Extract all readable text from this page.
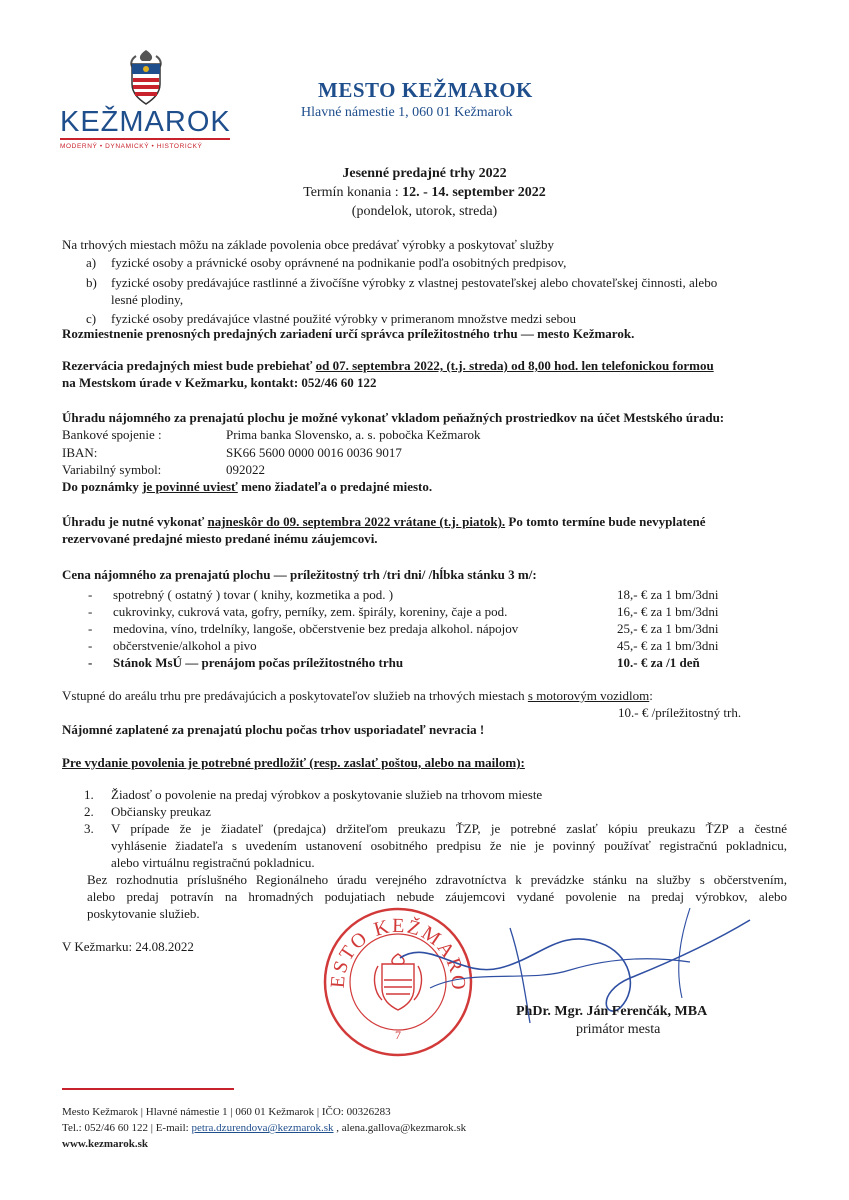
KEŽMAROK
MODERNÝ • DYNAMICKÝ • HISTORICKÝ
MESTO KEŽMAROK
Hlavné námestie 1, 060 01 Kežmarok
Jesenné predajné trhy 2022
Termín konania : 12. - 14. september 2022
(pondelok, utorok, streda)
Na trhových miestach môžu na základe povolenia obce predávať výrobky a poskytovať služby
a) fyzické osoby a právnické osoby oprávnené na podnikanie podľa osobitných predpisov,
b) fyzické osoby predávajúce rastlinné a živočíšne výrobky z vlastnej pestovateľskej alebo chovateľskej činnosti, alebo
lesné plodiny,
c) fyzické osoby predávajúce vlastné použité výrobky v primeranom množstve medzi sebou
Rozmiestnenie prenosných predajných zariadení určí správca príležitostného trhu — mesto Kežmarok.
Rezervácia predajných miest bude prebiehať od 07. septembra 2022, (t.j. streda) od 8,00 hod. len telefonickou formou
na Mestskom úrade v Kežmarku, kontakt: 052/46 60 122
Úhradu nájomného za prenajatú plochu je možné vykonať vkladom peňažných prostriedkov na účet Mestského úradu:
Bankové spojenie :	Prima banka Slovensko, a. s. pobočka Kežmarok
IBAN:	SK66 5600 0000 0016 0036 9017
Variabilný symbol:	092022
Do poznámky je povinné uviesť meno žiadateľa o predajné miesto.
Úhradu je nutné vykonať najneskôr do 09. septembra 2022 vrátane (t.j. piatok). Po tomto termíne bude nevyplatené
rezervované predajné miesto predané inému záujemcovi.
Cena nájomného za prenajatú plochu — príležitostný trh /tri dni/ /hĺbka stánku 3 m/:
- spotrebný ( ostatný ) tovar ( knihy, kozmetika a pod. )	18,- € za 1 bm/3dni
- cukrovinky, cukrová vata, gofry, perníky, zem. špirály, koreniny, čaje a pod.	16,- € za 1 bm/3dni
- medovina, víno, trdelníky, langoše, občerstvenie bez predaja alkohol. nápojov	25,- € za 1 bm/3dni
- občerstvenie/alkohol a pivo	45,- € za 1 bm/3dni
- Stánok MsÚ — prenájom počas príležitostného trhu	10.- € za /1 deň
Vstupné do areálu trhu pre predávajúcich a poskytovateľov služieb na trhových miestach s motorovým vozidlom:
10.- € /príležitostný trh.
Nájomné zaplatené za prenajatú plochu počas trhov usporiadateľ nevracia !
Pre vydanie povolenia je potrebné predložiť (resp. zaslať poštou, alebo na mailom):
1. Žiadosť o povolenie na predaj výrobkov a poskytovanie služieb na trhovom mieste
2. Občiansky preukaz
3. V prípade že je žiadateľ (predajca) držiteľom preukazu ŤZP, je potrebné zaslať kópiu preukazu ŤZP a čestné
vyhlásenie žiadateľa s uvedením ustanovení osobitného predpisu že nie je povinný používať registračnú pokladnicu,
alebo virtuálnu registračnú pokladnicu.
Bez rozhodnutia príslušného Regionálneho úradu verejného zdravotníctva k prevádzke stánku na služby s občerstvením,
alebo predaj potravín na hromadných podujatiach nebude záujemcovi vydané povolenie na predaj výrobkov, alebo
poskytovanie služieb.
V Kežmarku: 24.08.2022
ESTO KEŽMARO
7
PhDr. Mgr. Ján Ferenčák, MBA
primátor mesta
Mesto Kežmarok | Hlavné námestie 1 | 060 01 Kežmarok | IČO: 00326283
Tel.: 052/46 60 122 | E-mail: petra.dzurendova@kezmarok.sk , alena.gallova@kezmarok.sk
www.kezmarok.sk
